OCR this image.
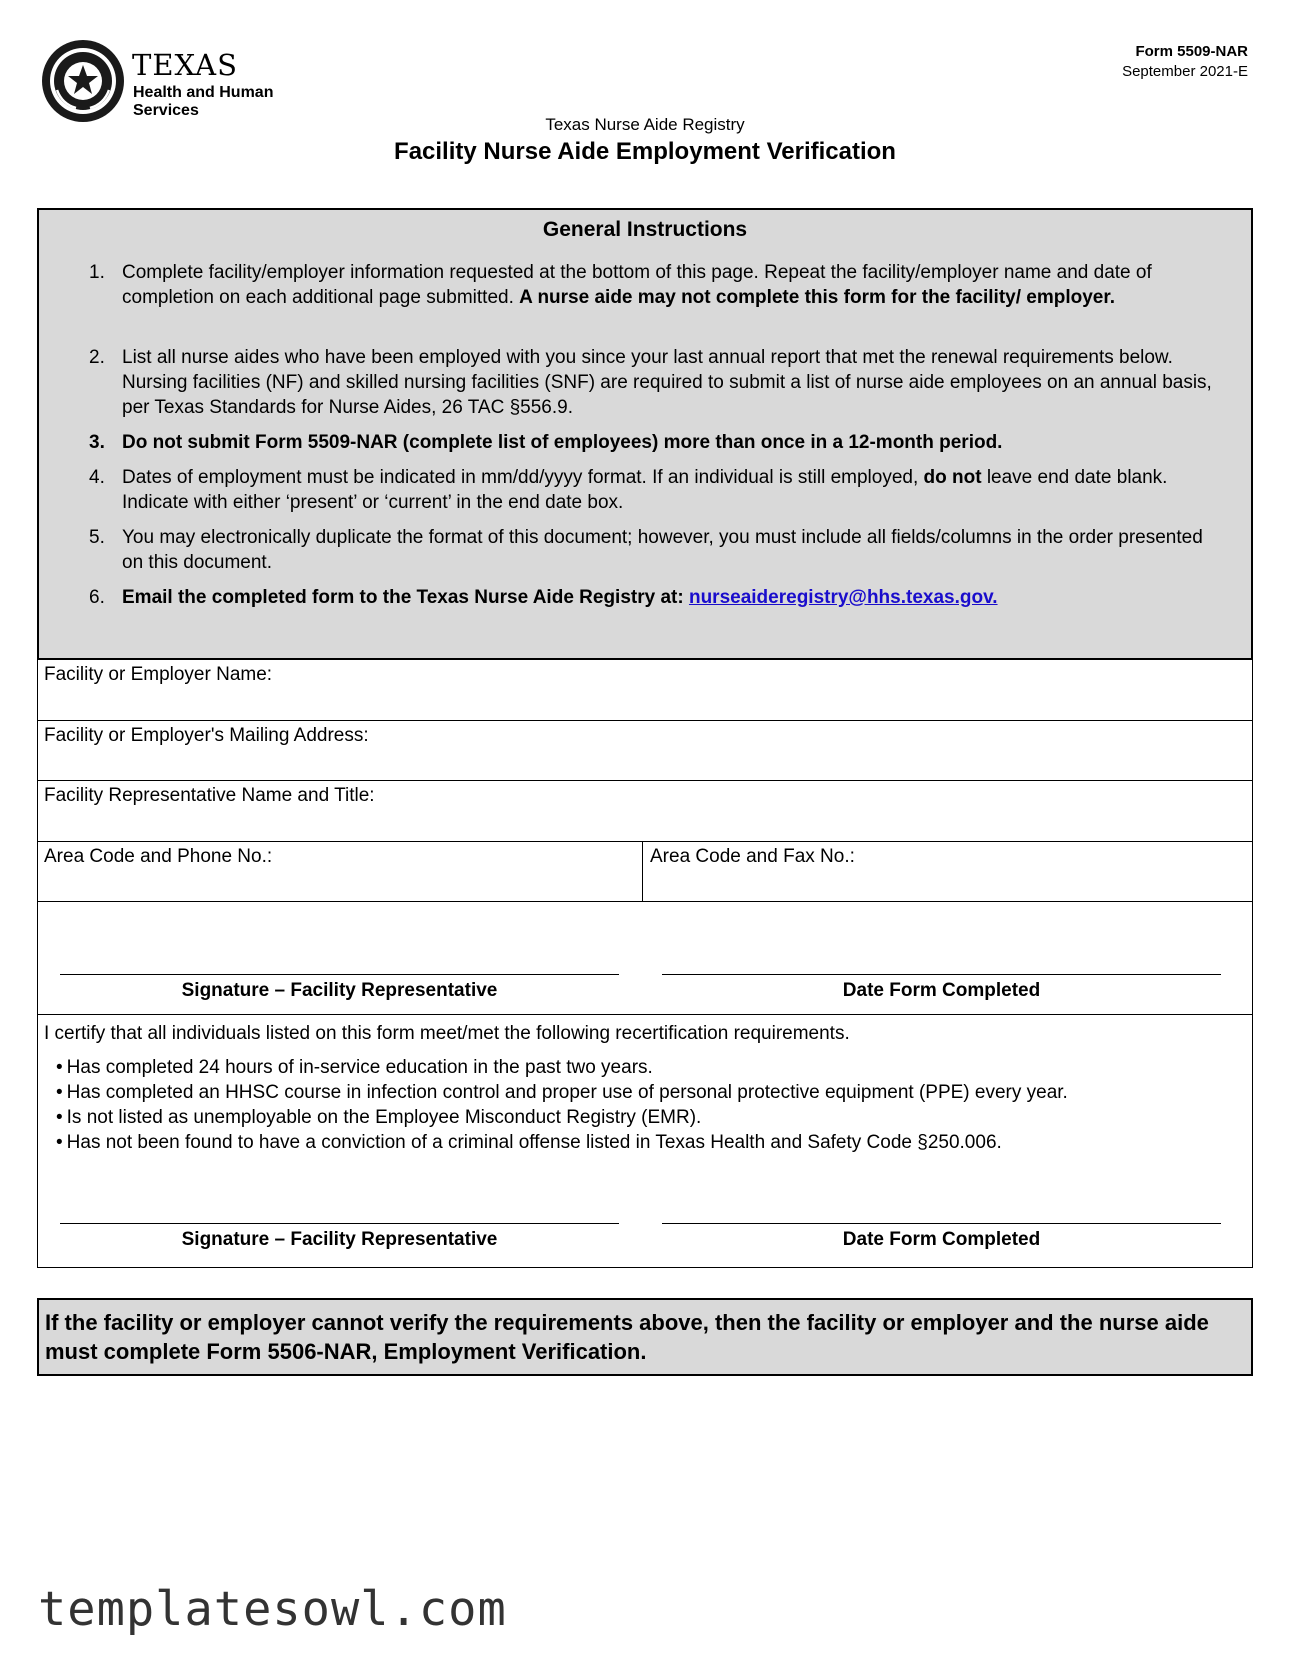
TEXAS
Health and Human
Services
Form 5509-NAR
September 2021-E
Texas Nurse Aide Registry
Facility Nurse Aide Employment Verification
General Instructions
1. Complete facility/employer information requested at the bottom of this page. Repeat the facility/employer name and date of completion on each additional page submitted. A nurse aide may not complete this form for the facility/ employer.
2. List all nurse aides who have been employed with you since your last annual report that met the renewal requirements below. Nursing facilities (NF) and skilled nursing facilities (SNF) are required to submit a list of nurse aide employees on an annual basis, per Texas Standards for Nurse Aides, 26 TAC §556.9.
3. Do not submit Form 5509-NAR (complete list of employees) more than once in a 12-month period.
4. Dates of employment must be indicated in mm/dd/yyyy format. If an individual is still employed, do not leave end date blank. Indicate with either ‘present’ or ‘current’ in the end date box.
5. You may electronically duplicate the format of this document; however, you must include all fields/columns in the order presented on this document.
6. Email the completed form to the Texas Nurse Aide Registry at: nurseaideregistry@hhs.texas.gov.
Facility or Employer Name:
Facility or Employer's Mailing Address:
Facility Representative Name and Title:
Area Code and Phone No.:	Area Code and Fax No.:
Signature – Facility Representative	Date Form Completed
I certify that all individuals listed on this form meet/met the following recertification requirements.
• Has completed 24 hours of in-service education in the past two years.
• Has completed an HHSC course in infection control and proper use of personal protective equipment (PPE) every year.
• Is not listed as unemployable on the Employee Misconduct Registry (EMR).
• Has not been found to have a conviction of a criminal offense listed in Texas Health and Safety Code §250.006.
Signature – Facility Representative	Date Form Completed
If the facility or employer cannot verify the requirements above, then the facility or employer and the nurse aide must complete Form 5506-NAR, Employment Verification.
templatesowl.com
